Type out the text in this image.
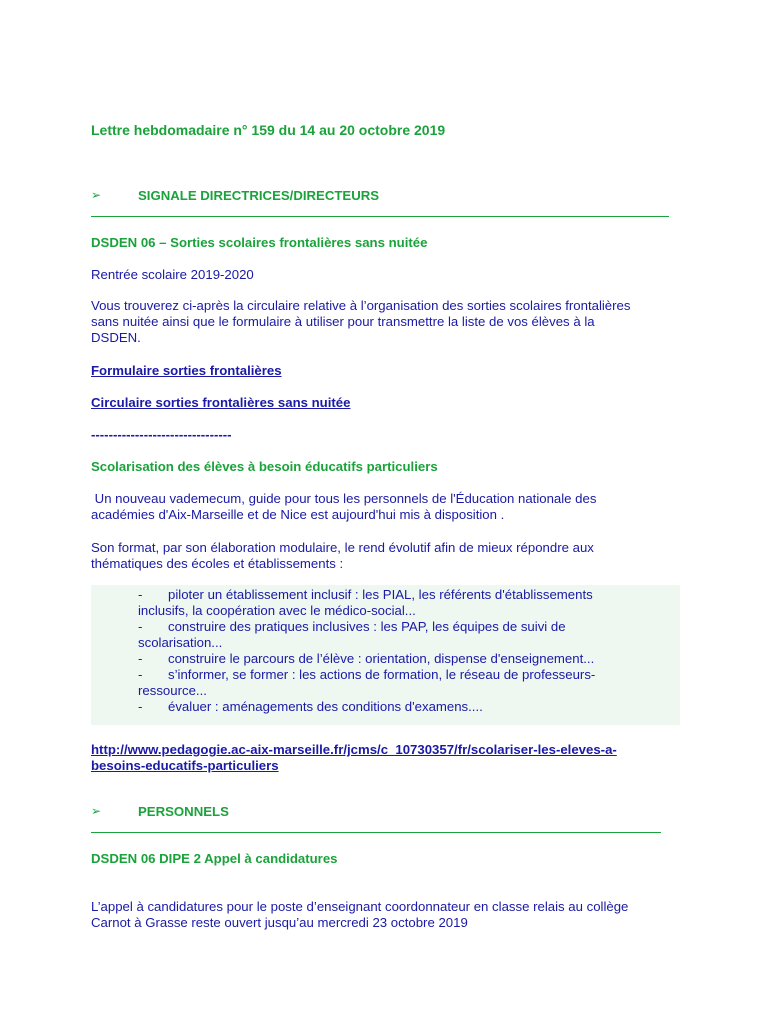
Lettre hebdomadaire n° 159 du 14 au 20 octobre 2019
➢	SIGNALE DIRECTRICES/DIRECTEURS
DSDEN 06 – Sorties scolaires frontalières sans nuitée
Rentrée scolaire 2019-2020
Vous trouverez ci-après la circulaire relative à l’organisation des sorties scolaires frontalières
sans nuitée ainsi que le formulaire à utiliser pour transmettre la liste de vos élèves à la
DSDEN.
Formulaire sorties frontalières
Circulaire sorties frontalières sans nuitée
--------------------------------
Scolarisation des élèves à besoin éducatifs particuliers
Un nouveau vademecum, guide pour tous les personnels de l'Éducation nationale des
académies d'Aix-Marseille et de Nice est aujourd'hui mis à disposition .
Son format, par son élaboration modulaire, le rend évolutif afin de mieux répondre aux
thématiques des écoles et établissements :
- piloter un établissement inclusif : les PIAL, les référents d'établissements
inclusifs, la coopération avec le médico-social...
- construire des pratiques inclusives : les PAP, les équipes de suivi de
scolarisation...
- construire le parcours de l’élève : orientation, dispense d'enseignement...
- s’informer, se former : les actions de formation, le réseau de professeurs-
ressource...
- évaluer : aménagements des conditions d'examens....
http://www.pedagogie.ac-aix-marseille.fr/jcms/c_10730357/fr/scolariser-les-eleves-a-
besoins-educatifs-particuliers
➢	PERSONNELS
DSDEN 06 DIPE 2 Appel à candidatures
L’appel à candidatures pour le poste d’enseignant coordonnateur en classe relais au collège
Carnot à Grasse reste ouvert jusqu’au mercredi 23 octobre 2019
